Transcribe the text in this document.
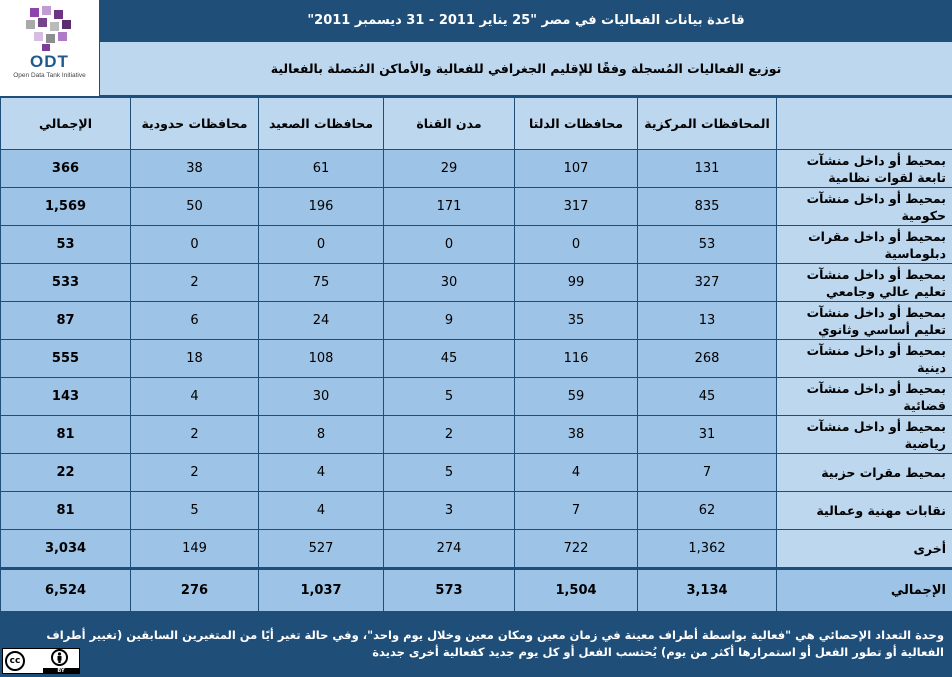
ODT
Open Data Tank Initiative
قاعدة بيانات الفعاليات في مصر "25 يناير 2011 - 31 ديسمبر 2011"
توزيع الفعاليات المُسجلة وفقًا للإقليم الجغرافي للفعالية والأماكن المُتصلة بالفعالية
	المحافظات المركزية	محافظات الدلتا	مدن القناة	محافظات الصعيد	محافظات حدودية	الإجمالي
بمحيط أو داخل منشآت تابعة لقوات نظامية	131	107	29	61	38	366
بمحيط أو داخل منشآت حكومية	835	317	171	196	50	1,569
بمحيط أو داخل مقرات دبلوماسية	53	0	0	0	0	53
بمحيط أو داخل منشآت تعليم عالي وجامعي	327	99	30	75	2	533
بمحيط أو داخل منشآت تعليم أساسي وثانوي	13	35	9	24	6	87
بمحيط أو داخل منشآت دينية	268	116	45	108	18	555
بمحيط أو داخل منشآت قضائية	45	59	5	30	4	143
بمحيط أو داخل منشآت رياضية	31	38	2	8	2	81
بمحيط مقرات حزبية	7	4	5	4	2	22
نقابات مهنية وعمالية	62	7	3	4	5	81
أخرى	1,362	722	274	527	149	3,034
الإجمالي	3,134	1,504	573	1,037	276	6,524
وحدة التعداد الإحصائي هي "فعالية بواسطة أطراف معينة في زمان معين ومكان معين وخلال يوم واحد"، وفي حالة تغير أيًا من المتغيرين السابقين (تغيير أطراف الفعالية أو تطور الفعل أو استمرارها أكثر من يوم) يُحتسب الفعل أو كل يوم جديد كفعالية أخرى جديدة
cc
BY
